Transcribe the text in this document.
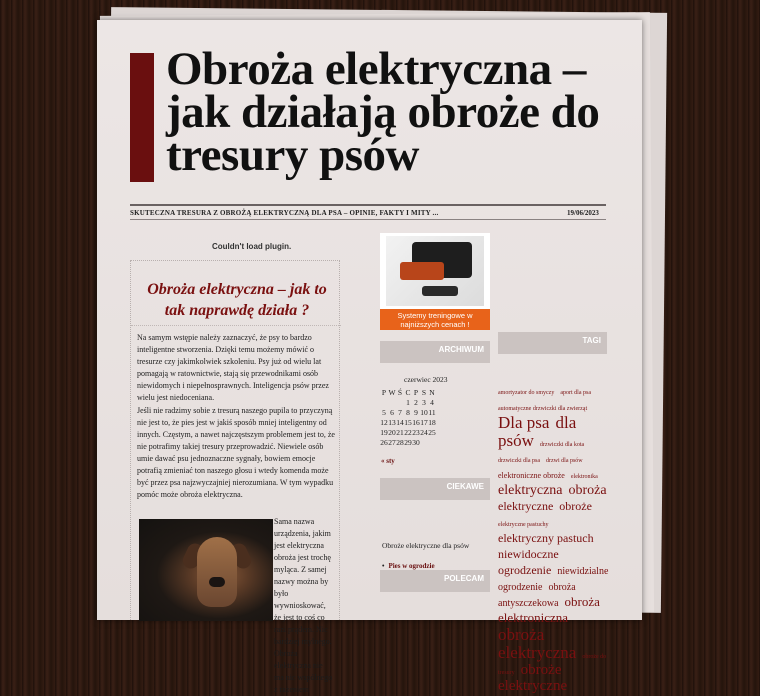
Obroża elektryczna – jak działają obroże do tresury psów
SKUTECZNA TRESURA Z OBROŻĄ ELEKTRYCZNĄ DLA PSA – OPINIE, FAKTY I MITY ...	19/06/2023
Couldn't load plugin.
Obroża elektryczna – jak to tak naprawdę działa ?

Na samym wstępie należy zaznaczyć, że psy to bardzo inteligentne stworzenia. Dzięki temu możemy mówić o tresurze czy jakimkolwiek szkoleniu. Psy już od wielu lat pomagają w ratownictwie, stają się przewodnikami osób niewidomych i niepełnosprawnych. Inteligencja psów przez wielu jest niedoceniana.

Jeśli nie radzimy sobie z tresurą naszego pupila to przyczyną nie jest to, że pies jest w jakiś sposób mniej inteligentny od innych. Częstym, a nawet najczęstszym problemem jest to, że nie potrafimy takiej tresury przeprowadzić. Niewiele osób umie dawać psu jednoznaczne sygnały, bowiem emocje potrafią zmieniać ton naszego głosu i wtedy komenda może być przez psa najzwyczajniej nierozumiana. W tym wypadku pomóc może obroża elektryczna.

Sama nazwa urządzenia, jakim jest elektryczna obroża jest trochę myląca. Z samej nazwy można by było wywnioskować, że jest to coś co razi prądem. Nic bardziej mylnego. Obroża elektryczna nie ma nic wspólnego z rażeniem

Systemy treningowe w najniższych cenach !
ARCHIWUM
czerwiec 2023
P	W	Ś	C	P	S	N
			1	2	3	4
5	6	7	8	9	10	11
12	13	14	15	16	17	18
19	20	21	22	23	24	25
26	27	28	29	30		
« sty
CIEKAWE
Obroże elektryczne dla psów
• Pies w ogrodzie
•
POLECAM
TAGI
amortyzator do smyczy aport dla psa automatyczne drzwiczki dla zwierząt Dla psa dla psów drzwiczki dla kota drzwiczki dla psa drzwi dla psów elektroniczne obroże elektronika elektryczna obroża elektryczne obroże elektryczne pastuchy elektryczny pastuch niewidoczne ogrodzenie niewidzialne ogrodzenie obroża antyszczekowa obroża elektroniczna obroża elektryczna obroże do tresury obroże elektryczne
